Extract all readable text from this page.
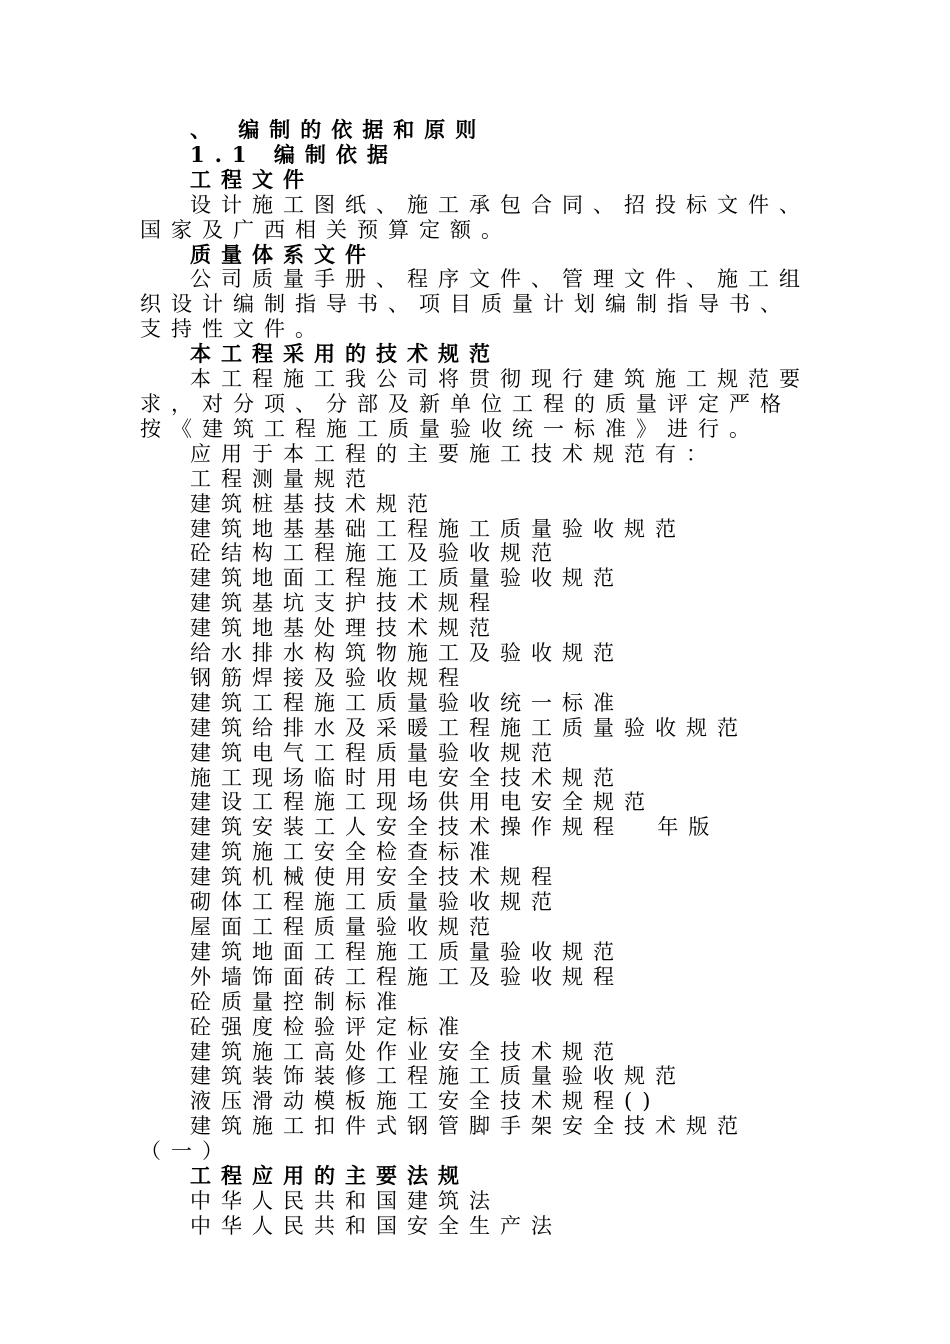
、 编制的依据和原则
1.1 编制依据
工程文件
设计施工图纸、施工承包合同、招投标文件、
国家及广西相关预算定额。
质量体系文件
公司质量手册、程序文件、管理文件、施工组
织设计编制指导书、项目质量计划编制指导书、
支持性文件。
本工程采用的技术规范
本工程施工我公司将贯彻现行建筑施工规范要
求，对分项、分部及新单位工程的质量评定严格
按《建筑工程施工质量验收统一标准》进行。
应用于本工程的主要施工技术规范有：
工程测量规范
建筑桩基技术规范
建筑地基基础工程施工质量验收规范
砼结构工程施工及验收规范
建筑地面工程施工质量验收规范
建筑基坑支护技术规程
建筑地基处理技术规范
给水排水构筑物施工及验收规范
钢筋焊接及验收规程
建筑工程施工质量验收统一标准
建筑给排水及采暖工程施工质量验收规范
建筑电气工程质量验收规范
施工现场临时用电安全技术规范
建设工程施工现场供用电安全规范
建筑安装工人安全技术操作规程  年版
建筑施工安全检查标准
建筑机械使用安全技术规程
砌体工程施工质量验收规范
屋面工程质量验收规范
建筑地面工程施工质量验收规范
外墙饰面砖工程施工及验收规程
砼质量控制标准
砼强度检验评定标准
建筑施工高处作业安全技术规范
建筑装饰装修工程施工质量验收规范
液压滑动模板施工安全技术规程()
建筑施工扣件式钢管脚手架安全技术规范
（一）
工程应用的主要法规
中华人民共和国建筑法
中华人民共和国安全生产法
